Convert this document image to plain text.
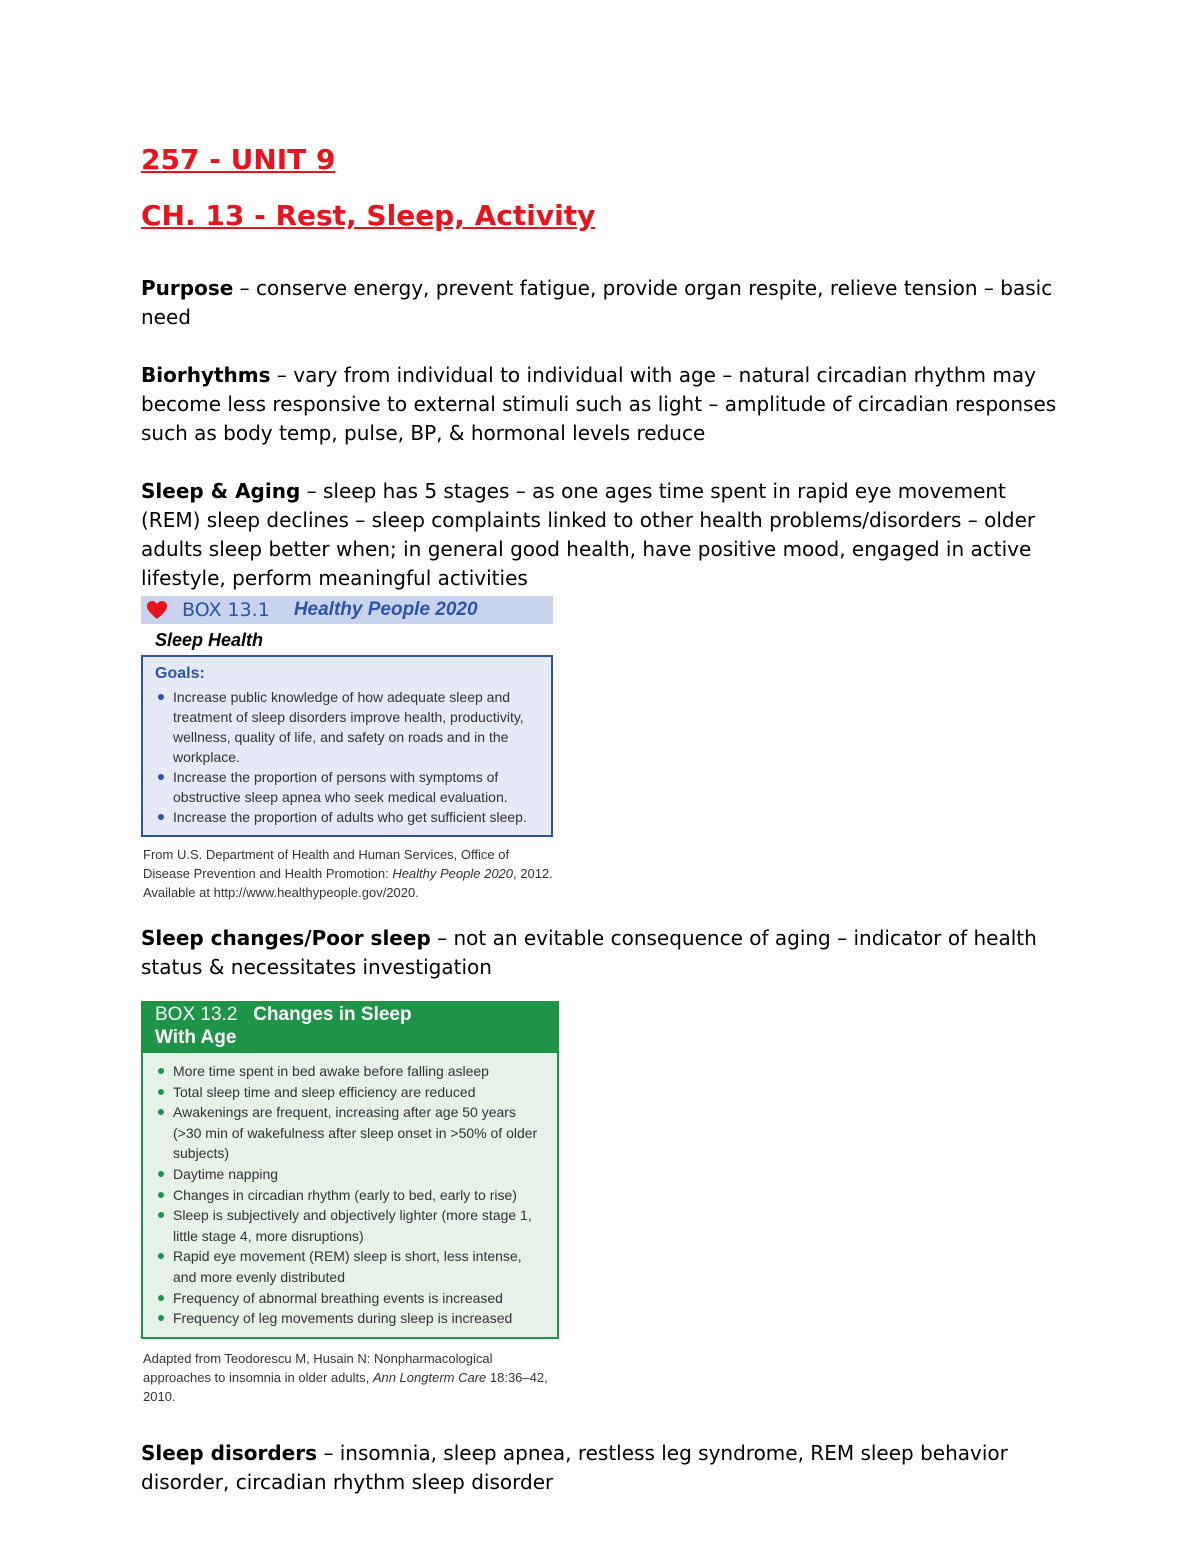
257 - UNIT 9
CH. 13 - Rest, Sleep, Activity

Purpose – conserve energy, prevent fatigue, provide organ respite, relieve tension – basic need

Biorhythms – vary from individual to individual with age – natural circadian rhythm may become less responsive to external stimuli such as light – amplitude of circadian responses such as body temp, pulse, BP, & hormonal levels reduce

Sleep & Aging – sleep has 5 stages – as one ages time spent in rapid eye movement (REM) sleep declines – sleep complaints linked to other health problems/disorders – older adults sleep better when; in general good health, have positive mood, engaged in active lifestyle, perform meaningful activities

BOX 13.1 Healthy People 2020
Sleep Health
Goals:
Increase public knowledge of how adequate sleep and treatment of sleep disorders improve health, productivity, wellness, quality of life, and safety on roads and in the workplace.
Increase the proportion of persons with symptoms of obstructive sleep apnea who seek medical evaluation.
Increase the proportion of adults who get sufficient sleep.
From U.S. Department of Health and Human Services, Office of Disease Prevention and Health Promotion: Healthy People 2020, 2012. Available at http://www.healthypeople.gov/2020.

Sleep changes/Poor sleep – not an evitable consequence of aging – indicator of health status & necessitates investigation

BOX 13.2 Changes in Sleep
With Age
More time spent in bed awake before falling asleep
Total sleep time and sleep efficiency are reduced
Awakenings are frequent, increasing after age 50 years (>30 min of wakefulness after sleep onset in >50% of older subjects)
Daytime napping
Changes in circadian rhythm (early to bed, early to rise)
Sleep is subjectively and objectively lighter (more stage 1, little stage 4, more disruptions)
Rapid eye movement (REM) sleep is short, less intense, and more evenly distributed
Frequency of abnormal breathing events is increased
Frequency of leg movements during sleep is increased
Adapted from Teodorescu M, Husain N: Nonpharmacological approaches to insomnia in older adults, Ann Longterm Care 18:36–42, 2010.

Sleep disorders – insomnia, sleep apnea, restless leg syndrome, REM sleep behavior disorder, circadian rhythm sleep disorder
